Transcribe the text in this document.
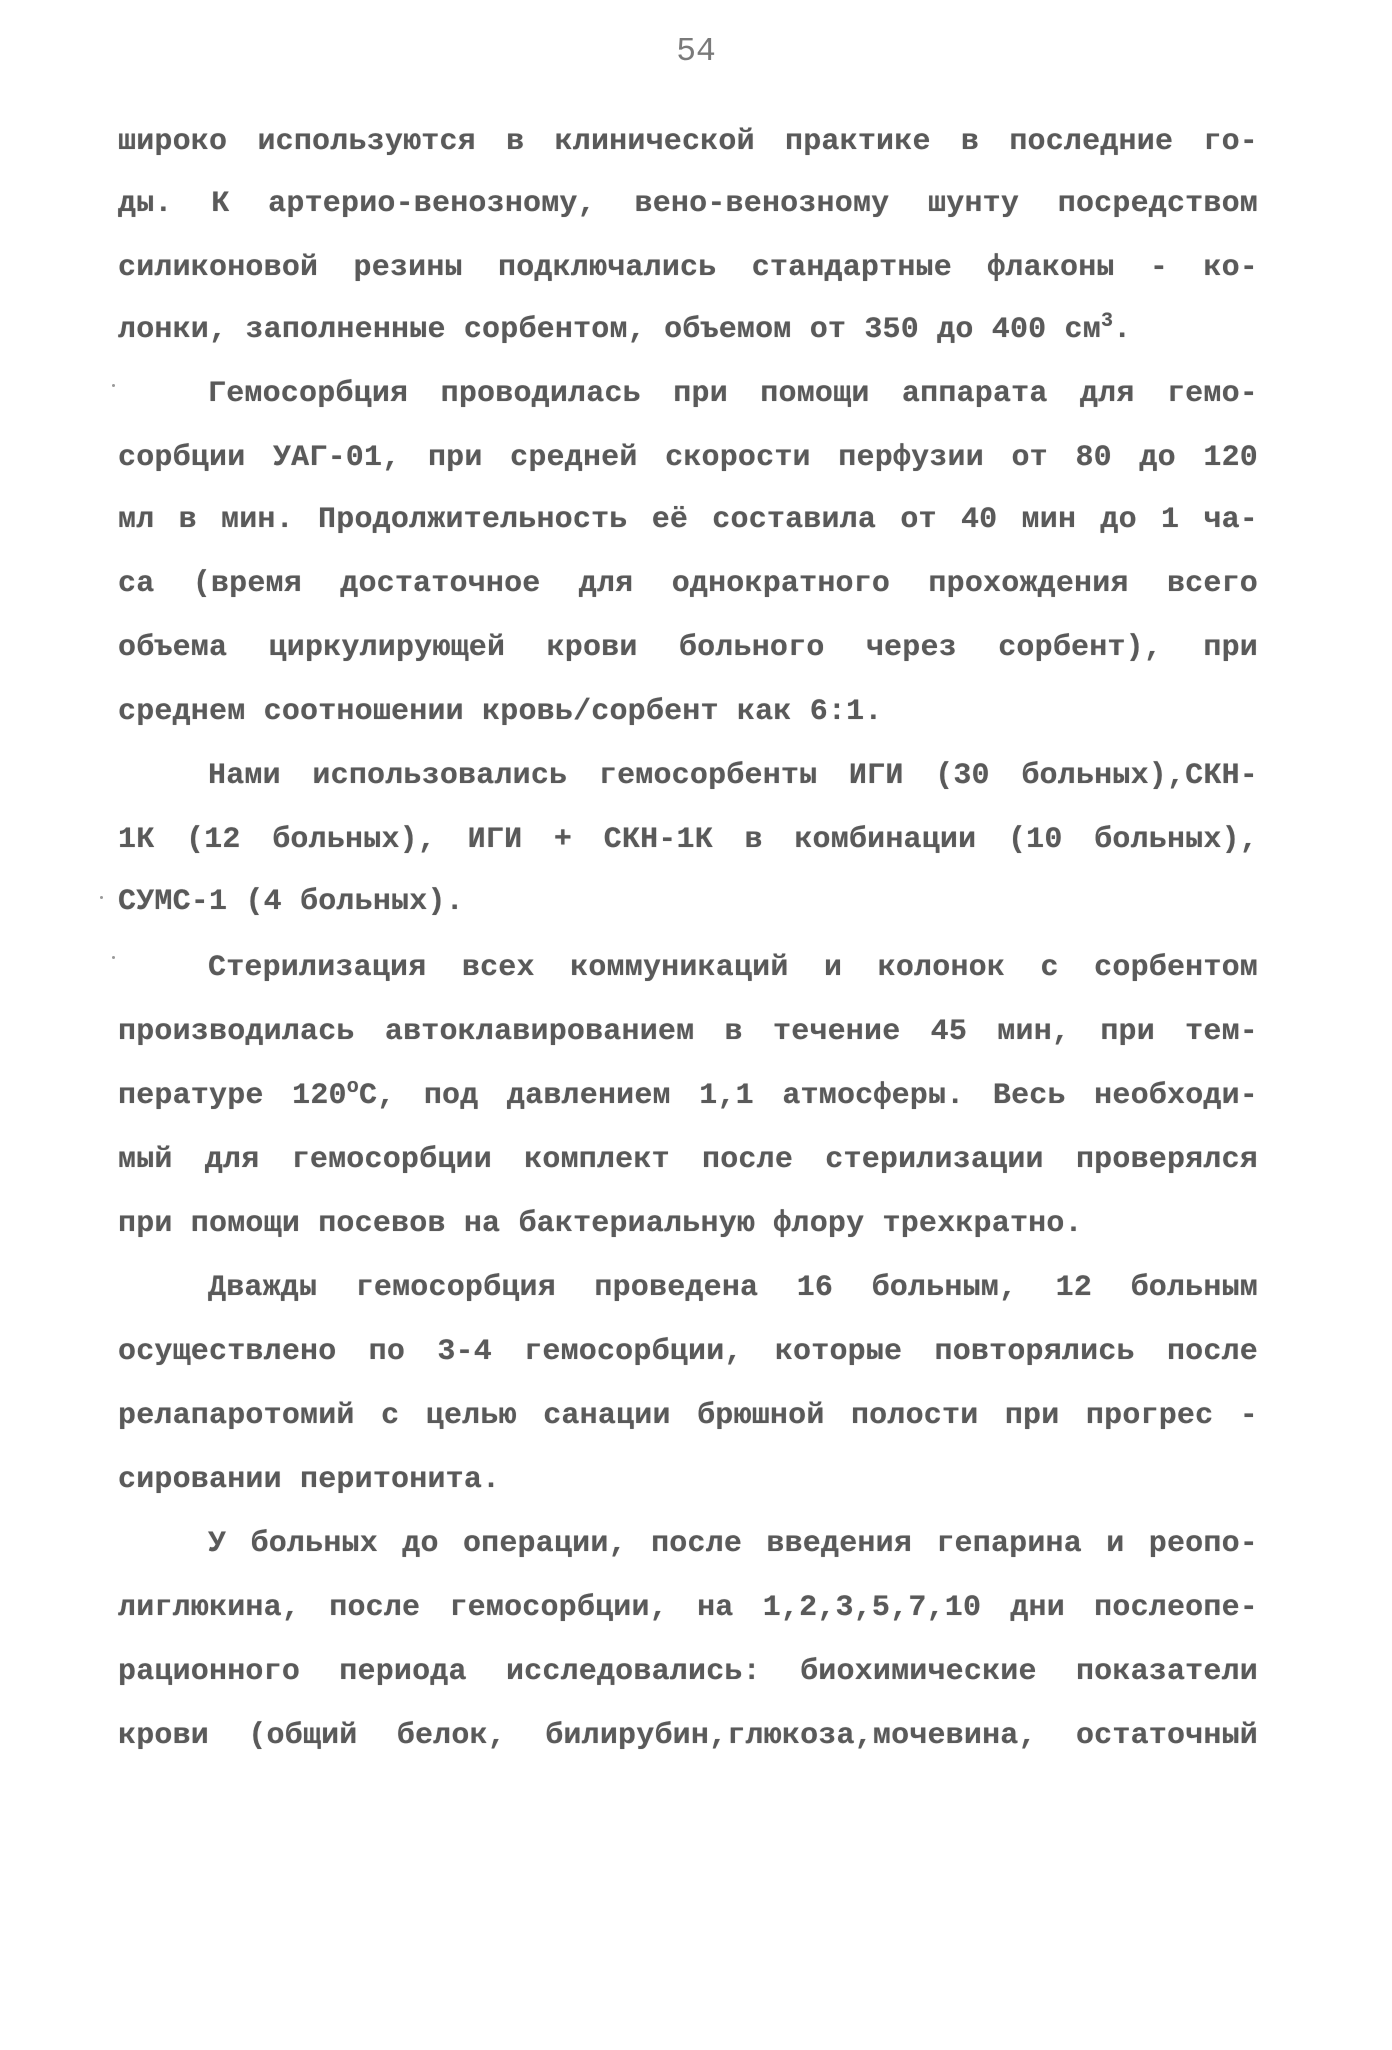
54
широко используются в клинической практике в последние го-
ды. К артерио-венозному, вено-венозному шунту посредством
силиконовой резины подключались стандартные флаконы - ко-
лонки, заполненные сорбентом, объемом от 350 до 400 $см^3$.
Гемосорбция проводилась при помощи аппарата для гемо-
сорбции УАГ-01, при средней скорости перфузии от 80 до 120
мл в мин. Продолжительность её составила от 40 мин до 1 ча-
са (время достаточное для однократного прохождения всего
объема циркулирующей крови больного через сорбент), при
среднем соотношении кровь/сорбент как 6:1.
Нами использовались гемосорбенты ИГИ (30 больных),СКН-
1К (12 больных), ИГИ + СКН-1К в комбинации (10 больных),
СУМС-1 (4 больных).
Стерилизация всех коммуникаций и колонок с сорбентом
производилась автоклавированием в течение 45 мин, при тем-
пературе $120^оС$, под давлением 1,1 атмосферы. Весь необходи-
мый для гемосорбции комплект после стерилизации проверялся
при помощи посевов на бактериальную флору трехкратно.
Дважды гемосорбция проведена 16 больным, 12 больным
осуществлено по 3-4 гемосорбции, которые повторялись после
релапаротомий с целью санации брюшной полости при прогрес -
сировании перитонита.
У больных до операции, после введения гепарина и реопо-
лиглюкина, после гемосорбции, на 1,2,3,5,7,10 дни послеопе-
рационного периода исследовались: биохимические показатели
крови (общий белок, билирубин,глюкоза,мочевина, остаточный
